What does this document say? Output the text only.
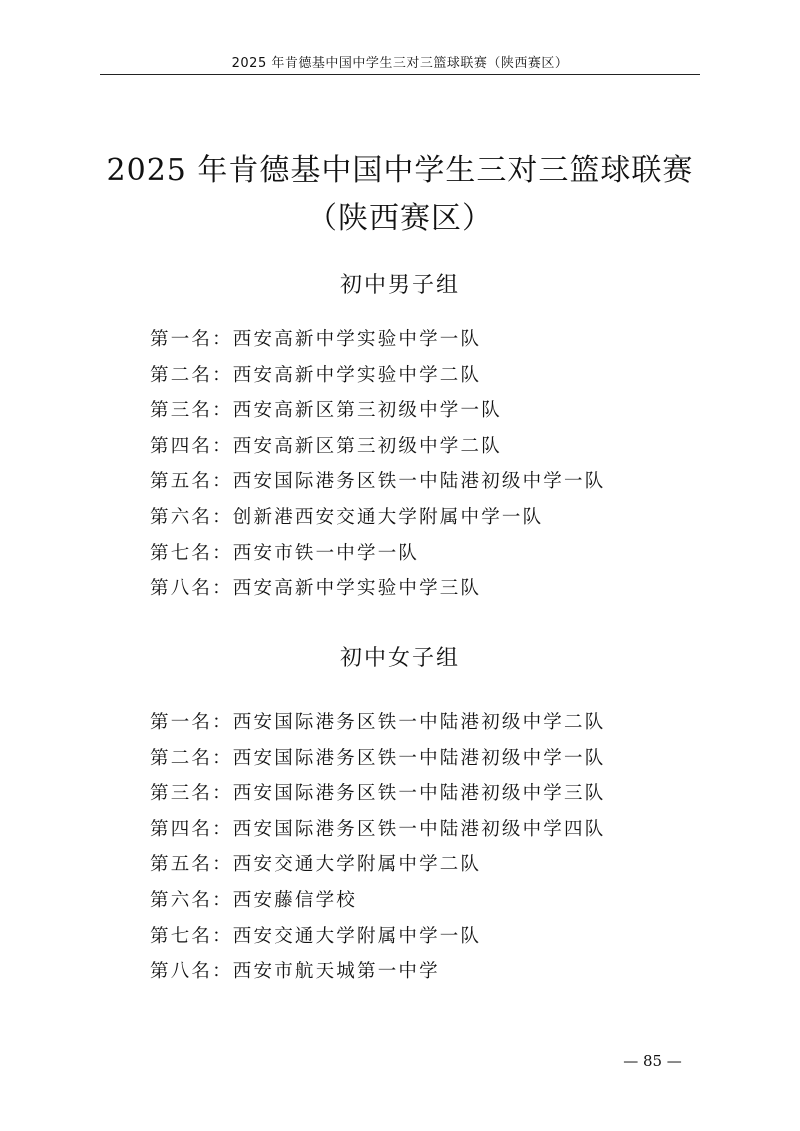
2025 年肯德基中国中学生三对三篮球联赛（陕西赛区）
2025 年肯德基中国中学生三对三篮球联赛
（陕西赛区）
初中男子组
第一名：西安高新中学实验中学一队
第二名：西安高新中学实验中学二队
第三名：西安高新区第三初级中学一队
第四名：西安高新区第三初级中学二队
第五名：西安国际港务区铁一中陆港初级中学一队
第六名：创新港西安交通大学附属中学一队
第七名：西安市铁一中学一队
第八名：西安高新中学实验中学三队
初中女子组
第一名：西安国际港务区铁一中陆港初级中学二队
第二名：西安国际港务区铁一中陆港初级中学一队
第三名：西安国际港务区铁一中陆港初级中学三队
第四名：西安国际港务区铁一中陆港初级中学四队
第五名：西安交通大学附属中学二队
第六名：西安藤信学校
第七名：西安交通大学附属中学一队
第八名：西安市航天城第一中学
— 85 —
